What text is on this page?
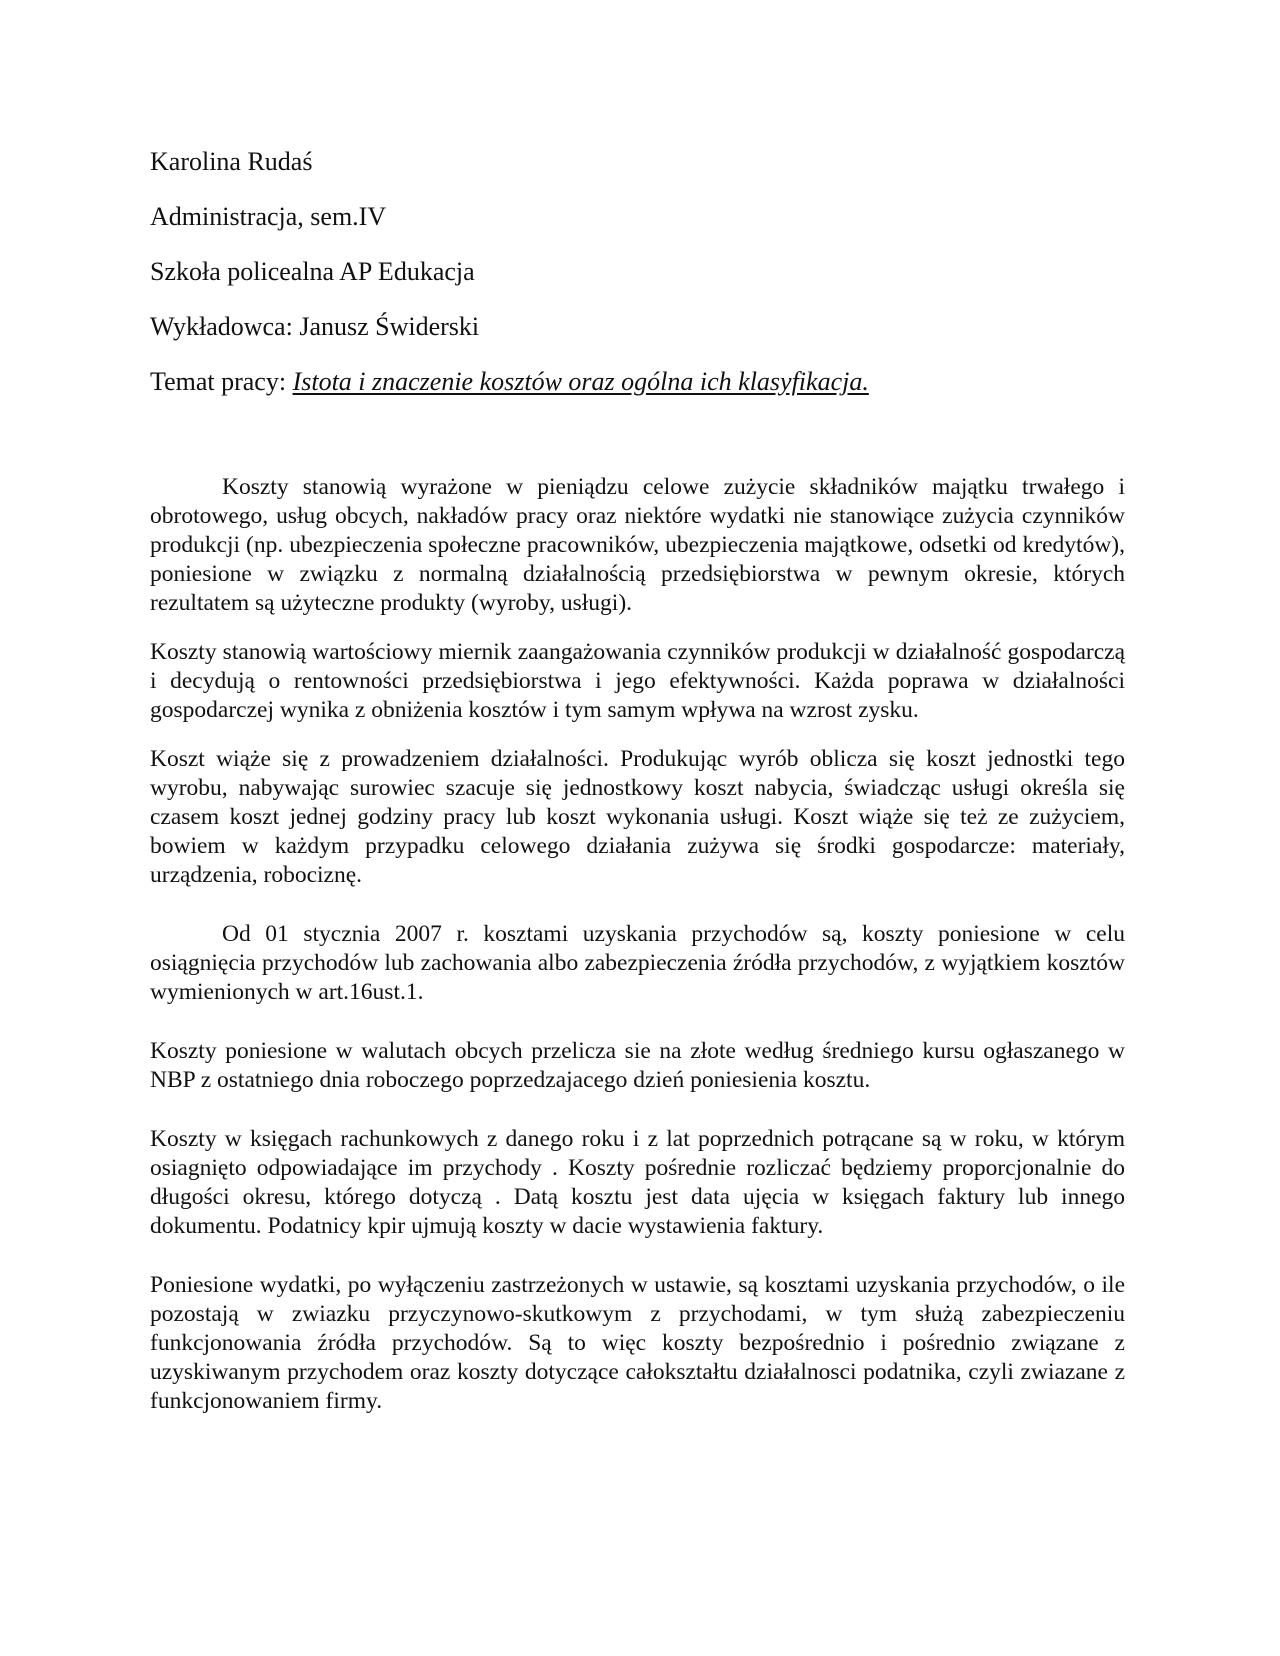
Karolina Rudaś
Administracja, sem.IV
Szkoła policealna AP Edukacja
Wykładowca: Janusz Świderski
Temat pracy: Istota i znaczenie kosztów oraz ogólna ich klasyfikacja.

Koszty stanowią wyrażone w pieniądzu celowe zużycie składników majątku trwałego i obrotowego, usług obcych, nakładów pracy oraz niektóre wydatki nie stanowiące zużycia czynników produkcji (np. ubezpieczenia społeczne pracowników, ubezpieczenia majątkowe, odsetki od kredytów), poniesione w związku z normalną działalnością przedsiębiorstwa w pewnym okresie, których rezultatem są użyteczne produkty (wyroby, usługi).

Koszty stanowią wartościowy miernik zaangażowania czynników produkcji w działalność gospodarczą i decydują o rentowności przedsiębiorstwa i jego efektywności. Każda poprawa w działalności gospodarczej wynika z obniżenia kosztów i tym samym wpływa na wzrost zysku.

Koszt wiąże się z prowadzeniem działalności. Produkując wyrób oblicza się koszt jednostki tego wyrobu, nabywając surowiec szacuje się jednostkowy koszt nabycia, świadcząc usługi określa się czasem koszt jednej godziny pracy lub koszt wykonania usługi. Koszt wiąże się też ze zużyciem, bowiem w każdym przypadku celowego działania zużywa się środki gospodarcze: materiały, urządzenia, robociznę.

Od 01 stycznia 2007 r. kosztami uzyskania przychodów są, koszty poniesione w celu osiągnięcia przychodów lub zachowania albo zabezpieczenia źródła przychodów, z wyjątkiem kosztów wymienionych w art.16ust.1.

Koszty poniesione w walutach obcych przelicza sie na złote według średniego kursu ogłaszanego w NBP z ostatniego dnia roboczego poprzedzajacego dzień poniesienia kosztu.

Koszty w księgach rachunkowych z danego roku i z lat poprzednich potrącane są w roku, w którym osiagnięto odpowiadające im przychody . Koszty pośrednie rozliczać będziemy proporcjonalnie do długości okresu, którego dotyczą . Datą kosztu jest data ujęcia w księgach faktury lub innego dokumentu. Podatnicy kpir ujmują koszty w dacie wystawienia faktury.

Poniesione wydatki, po wyłączeniu zastrzeżonych w ustawie, są kosztami uzyskania przychodów, o ile pozostają w zwiazku przyczynowo-skutkowym z przychodami, w tym służą zabezpieczeniu funkcjonowania źródła przychodów. Są to więc koszty bezpośrednio i pośrednio związane z uzyskiwanym przychodem oraz koszty dotyczące całokształtu działalnosci podatnika, czyli zwiazane z funkcjonowaniem firmy.
